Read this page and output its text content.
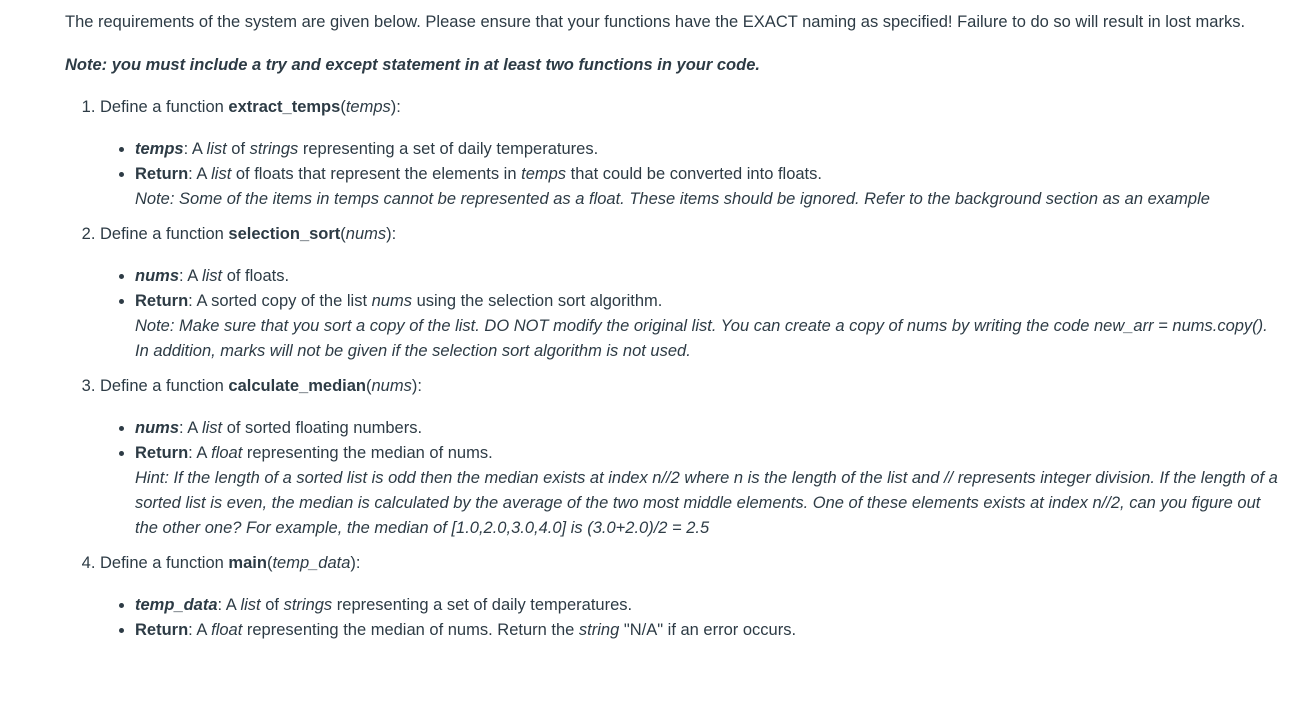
The requirements of the system are given below. Please ensure that your functions have the EXACT naming as specified! Failure to do so will result in lost marks.

Note: you must include a try and except statement in at least two functions in your code.

1. Define a function extract_temps(temps):

• temps: A list of strings representing a set of daily temperatures.
• Return: A list of floats that represent the elements in temps that could be converted into floats.
Note: Some of the items in temps cannot be represented as a float. These items should be ignored. Refer to the background section as an example

2. Define a function selection_sort(nums):

• nums: A list of floats.
• Return: A sorted copy of the list nums using the selection sort algorithm.
Note: Make sure that you sort a copy of the list. DO NOT modify the original list. You can create a copy of nums by writing the code new_arr = nums.copy(). In addition, marks will not be given if the selection sort algorithm is not used.

3. Define a function calculate_median(nums):

• nums: A list of sorted floating numbers.
• Return: A float representing the median of nums.
Hint: If the length of a sorted list is odd then the median exists at index n//2 where n is the length of the list and // represents integer division. If the length of a sorted list is even, the median is calculated by the average of the two most middle elements. One of these elements exists at index n//2, can you figure out the other one? For example, the median of [1.0,2.0,3.0,4.0] is (3.0+2.0)/2 = 2.5

4. Define a function main(temp_data):

• temp_data: A list of strings representing a set of daily temperatures.
• Return: A float representing the median of nums. Return the string "N/A" if an error occurs.
